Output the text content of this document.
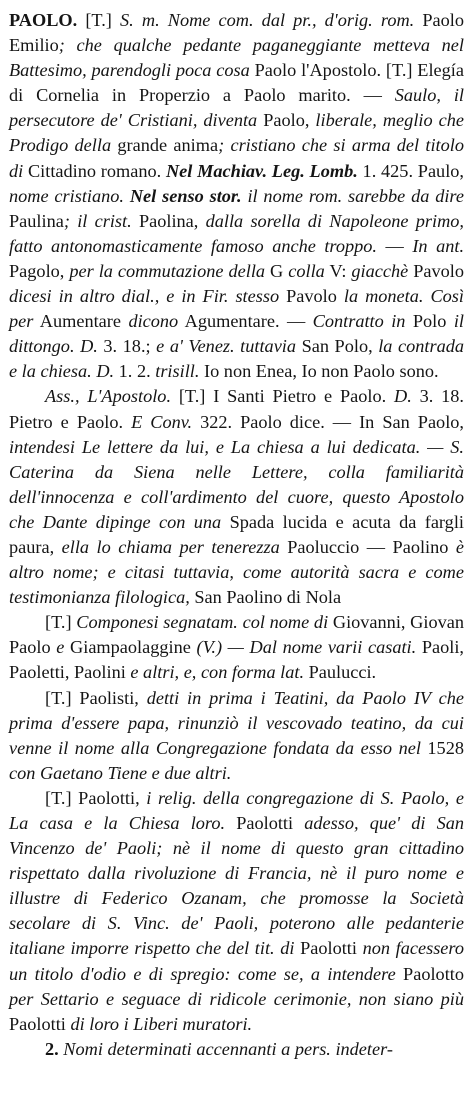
PAOLO. [T.] S. m. Nome com. dal pr., d'orig. rom. Paolo Emilio; che qualche pedante paganeggiante metteva nel Battesimo, parendogli poca cosa Paolo l'Apostolo. [T.] Elegía di Cornelia in Properzio a Paolo marito. — Saulo, il persecutore de' Cristiani, diventa Paolo, liberale, meglio che Prodigo della grande anima; cristiano che si arma del titolo di Cittadino romano. Nel Machiav. Leg. Lomb. 1. 425. Paulo, nome cristiano. Nel senso stor. il nome rom. sarebbe da dire Paulina; il crist. Paolina, dalla sorella di Napoleone primo, fatto antonomasticamente famoso anche troppo. — In ant. Pagolo, per la commutazione della G colla V: giacchè Pavolo dicesi in altro dial., e in Fir. stesso Pavolo la moneta. Così per Aumentare dicono Agumentare. — Contratto in Polo il dittongo. D. 3. 18.; e a' Venez. tuttavia San Polo, la contrada e la chiesa. D. 1. 2. trisill. Io non Enea, Io non Paolo sono.

Ass., L'Apostolo. [T.] I Santi Pietro e Paolo. D. 3. 18. Pietro e Paolo. E Conv. 322. Paolo dice. — In San Paolo, intendesi Le lettere da lui, e La chiesa a lui dedicata. — S. Caterina da Siena nelle Lettere, colla familiarità dell'innocenza e coll'ardimento del cuore, questo Apostolo che Dante dipinge con una Spada lucida e acuta da fargli paura, ella lo chiama per tenerezza Paoluccio — Paolino è altro nome; e citasi tuttavia, come autorità sacra e come testimonianza filologica, San Paolino di Nola

[T.] Componesi segnatam. col nome di Giovanni, Giovan Paolo e Giampaolaggine (V.) — Dal nome varii casati. Paoli, Paoletti, Paolini e altri, e, con forma lat. Paulucci.

[T.] Paolisti, detti in prima i Teatini, da Paolo IV che prima d'essere papa, rinunziò il vescovado teatino, da cui venne il nome alla Congregazione fondata da esso nel 1528 con Gaetano Tiene e due altri.

[T.] Paolotti, i relig. della congregazione di S. Paolo, e La casa e la Chiesa loro. Paolotti adesso, que' di San Vincenzo de' Paoli; nè il nome di questo gran cittadino rispettato dalla rivoluzione di Francia, nè il puro nome e illustre di Federico Ozanam, che promosse la Società secolare di S. Vinc. de' Paoli, poterono alle pedanterie italiane imporre rispetto che del tit. di Paolotti non facessero un titolo d'odio e di spregio: come se, a intendere Paolotto per Settario e seguace di ridicole cerimonie, non siano più Paolotti di loro i Liberi muratori.

2. Nomi determinati accennanti a pers. indeter-
